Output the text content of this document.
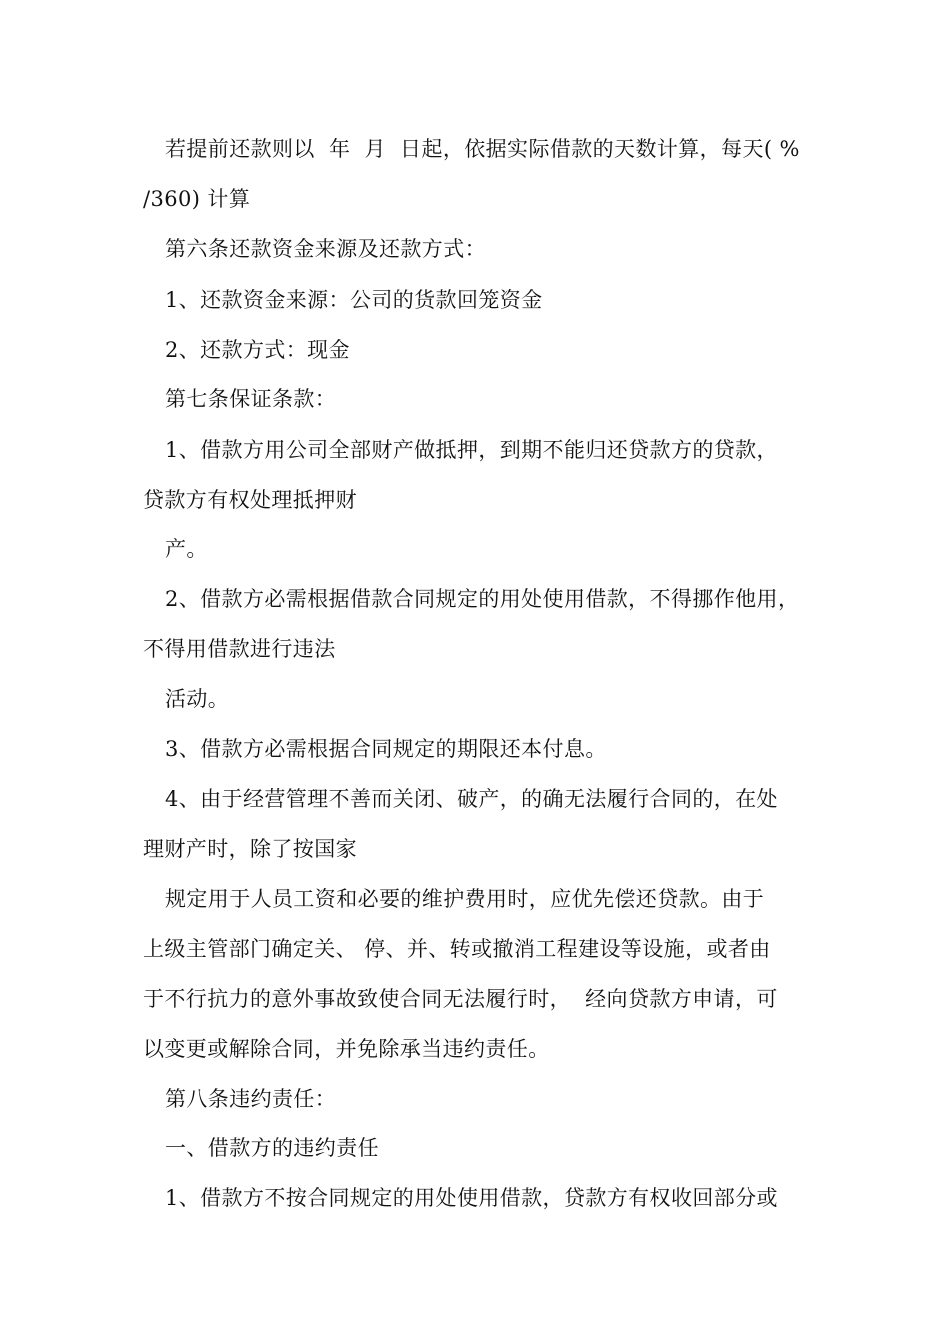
若提前还款则以  年  月  日起，依据实际借款的天数计算，每天( %
/360) 计算
第六条还款资金来源及还款方式：
1、还款资金来源：公司的货款回笼资金
2、还款方式：现金
第七条保证条款：
1、借款方用公司全部财产做抵押，到期不能归还贷款方的贷款，
贷款方有权处理抵押财
产。
2、借款方必需根据借款合同规定的用处使用借款，不得挪作他用，
不得用借款进行违法
活动。
3、借款方必需根据合同规定的期限还本付息。
4、由于经营管理不善而关闭、破产，的确无法履行合同的，在处
理财产时，除了按国家
规定用于人员工资和必要的维护费用时，应优先偿还贷款。由于
上级主管部门确定关、 停、并、转或撤消工程建设等设施，或者由
于不行抗力的意外事故致使合同无法履行时，  经向贷款方申请，可
以变更或解除合同，并免除承当违约责任。
第八条违约责任：
一、借款方的违约责任
1、借款方不按合同规定的用处使用借款，贷款方有权收回部分或
